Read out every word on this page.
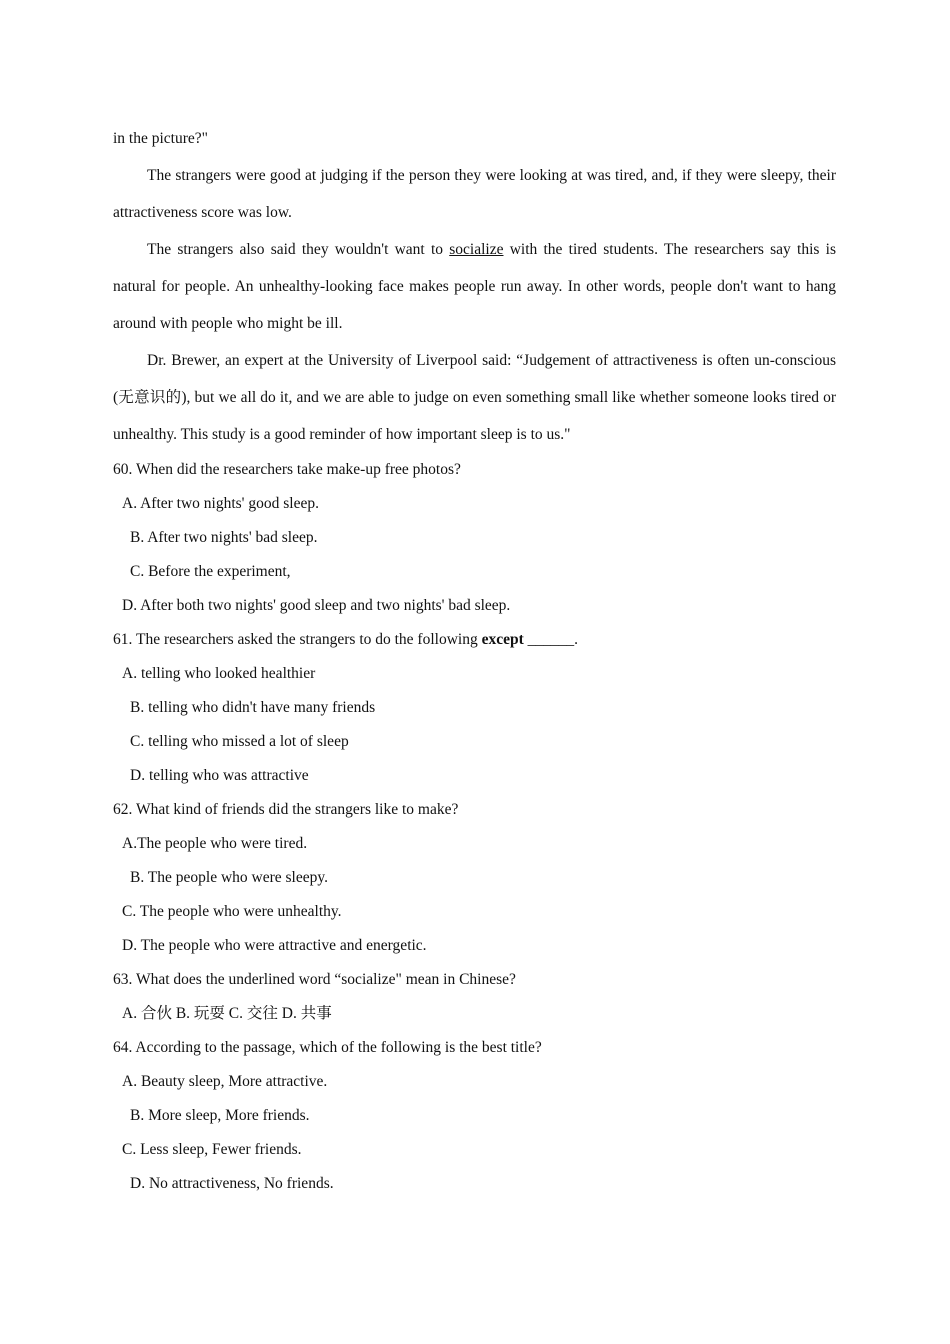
in the picture?"

The strangers were good at judging if the person they were looking at was tired, and, if they were sleepy, their attractiveness score was low.

The strangers also said they wouldn't want to socialize with the tired students. The researchers say this is natural for people. An unhealthy-looking face makes people run away. In other words, people don't want to hang around with people who might be ill.

Dr. Brewer, an expert at the University of Liverpool said: “Judgement of attractiveness is often un-conscious (无意识的), but we all do it, and we are able to judge on even something small like whether someone looks tired or unhealthy. This study is a good reminder of how important sleep is to us."

60. When did the researchers take make-up free photos?

A. After two nights' good sleep.

B. After two nights' bad sleep.

C. Before the experiment,

D. After both two nights' good sleep and two nights' bad sleep.

61. The researchers asked the strangers to do the following except ______.

A. telling who looked healthier

B. telling who didn't have many friends

C. telling who missed a lot of sleep

D. telling who was attractive

62. What kind of friends did the strangers like to make?

A.The people who were tired.

B. The people who were sleepy.

C. The people who were unhealthy.

D. The people who were attractive and energetic.

63. What does the underlined word “socialize" mean in Chinese?

A. 合伙 B. 玩耍 C. 交往 D. 共事

64. According to the passage, which of the following is the best title?

A. Beauty sleep, More attractive.

B. More sleep, More friends.

C. Less sleep, Fewer friends.

D. No attractiveness, No friends.
